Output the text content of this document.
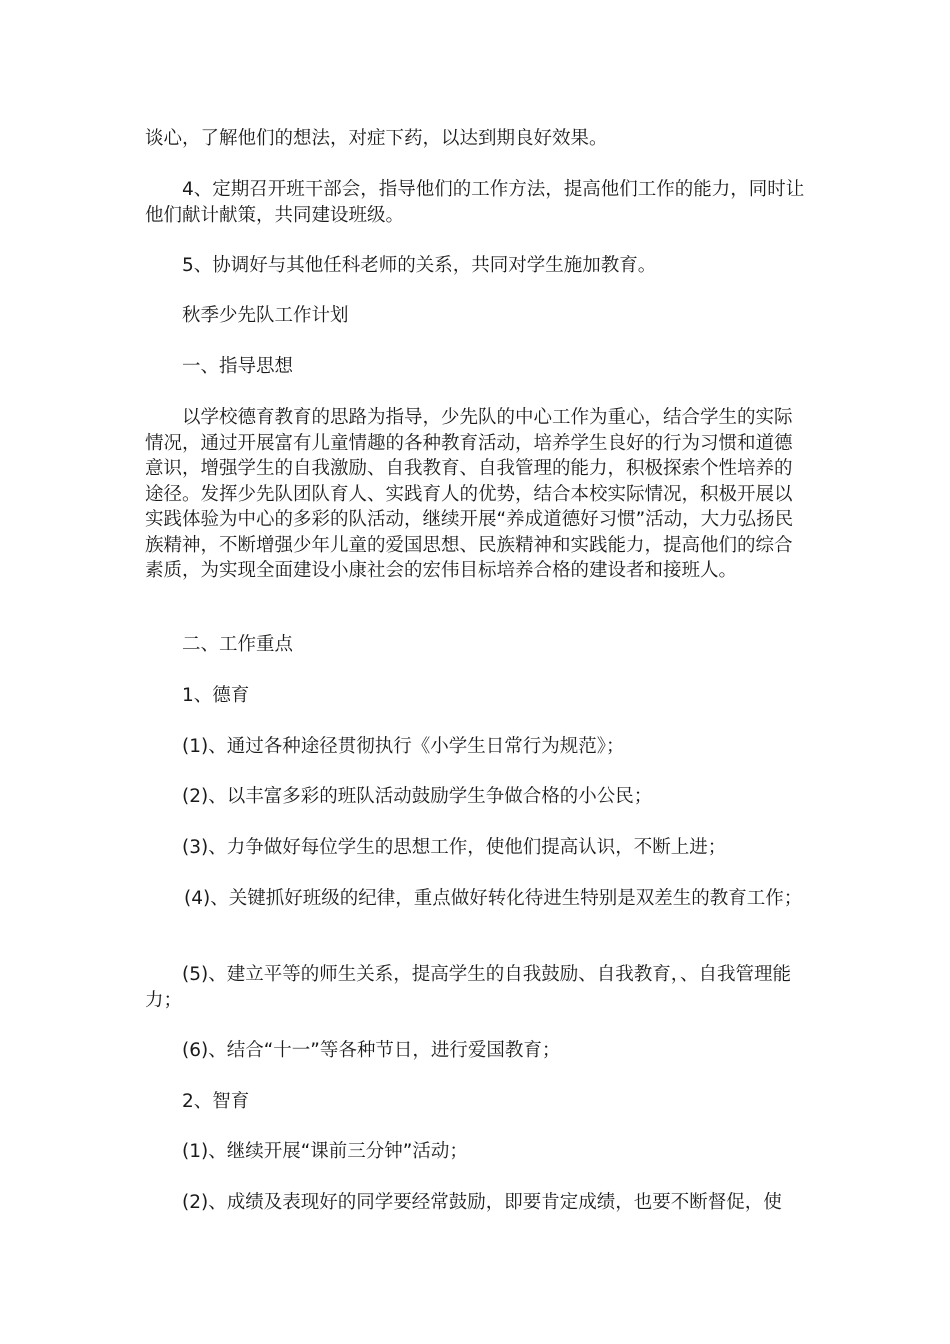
谈心，了解他们的想法，对症下药，以达到期良好效果。

4、定期召开班干部会，指导他们的工作方法，提高他们工作的能力，同时让他们献计献策，共同建设班级。

5、协调好与其他任科老师的关系，共同对学生施加教育。

秋季少先队工作计划

一、指导思想

以学校德育教育的思路为指导，少先队的中心工作为重心，结合学生的实际情况，通过开展富有儿童情趣的各种教育活动，培养学生良好的行为习惯和道德意识，增强学生的自我激励、自我教育、自我管理的能力，积极探索个性培养的途径。发挥少先队团队育人、实践育人的优势，结合本校实际情况，积极开展以实践体验为中心的多彩的队活动，继续开展“养成道德好习惯”活动，大力弘扬民族精神，不断增强少年儿童的爱国思想、民族精神和实践能力，提高他们的综合素质，为实现全面建设小康社会的宏伟目标培养合格的建设者和接班人。

二、工作重点

1、德育

(1)、通过各种途径贯彻执行《小学生日常行为规范》；

(2)、以丰富多彩的班队活动鼓励学生争做合格的小公民；

(3)、力争做好每位学生的思想工作，使他们提高认识，不断上进；

(4)、关键抓好班级的纪律，重点做好转化待进生特别是双差生的教育工作；

(5)、建立平等的师生关系，提高学生的自我鼓励、自我教育，、自我管理能力；

(6)、结合“十一”等各种节日，进行爱国教育；

2、智育

(1)、继续开展“课前三分钟”活动；

(2)、成绩及表现好的同学要经常鼓励，即要肯定成绩，也要不断督促，使
